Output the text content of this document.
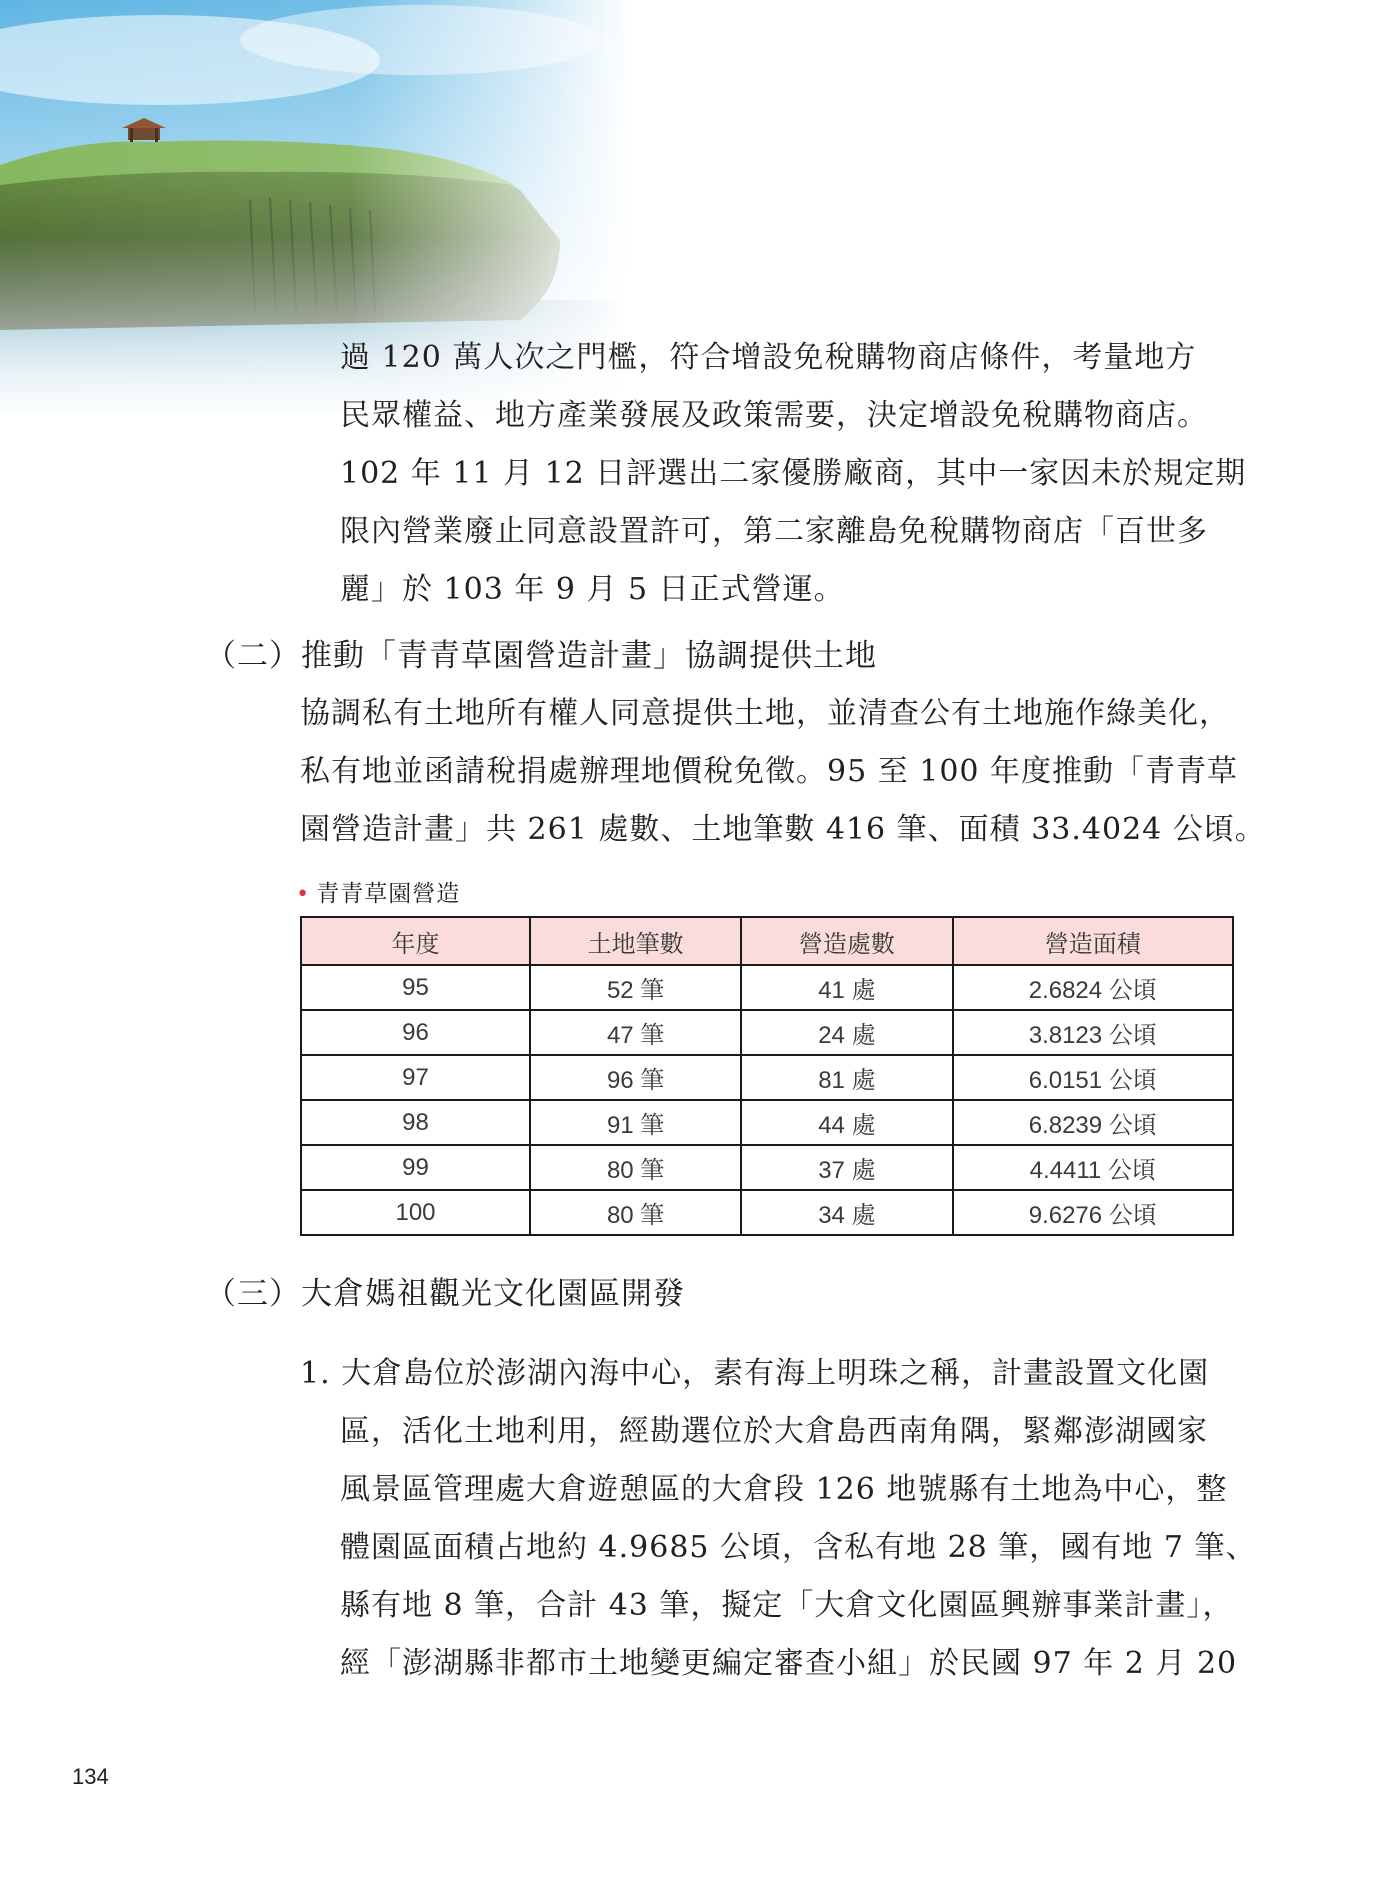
過 120 萬人次之門檻，符合增設免稅購物商店條件，考量地方
民眾權益、地方產業發展及政策需要，決定增設免稅購物商店。
102 年 11 月 12 日評選出二家優勝廠商，其中一家因未於規定期
限內營業廢止同意設置許可，第二家離島免稅購物商店「百世多
麗」於 103 年 9 月 5 日正式營運。
（二）推動「青青草園營造計畫」協調提供土地
協調私有土地所有權人同意提供土地，並清查公有土地施作綠美化，
私有地並函請稅捐處辦理地價稅免徵。95 至 100 年度推動「青青草
園營造計畫」共 261 處數、土地筆數 416 筆、面積 33.4024 公頃。
• 青青草園營造
年度	土地筆數	營造處數	營造面積
95	52 筆	41 處	2.6824 公頃
96	47 筆	24 處	3.8123 公頃
97	96 筆	81 處	6.0151 公頃
98	91 筆	44 處	6.8239 公頃
99	80 筆	37 處	4.4411 公頃
100	80 筆	34 處	9.6276 公頃
（三）大倉媽祖觀光文化園區開發
1. 大倉島位於澎湖內海中心，素有海上明珠之稱，計畫設置文化園
區，活化土地利用，經勘選位於大倉島西南角隅，緊鄰澎湖國家
風景區管理處大倉遊憩區的大倉段 126 地號縣有土地為中心，整
體園區面積占地約 4.9685 公頃，含私有地 28 筆，國有地 7 筆、
縣有地 8 筆，合計 43 筆，擬定「大倉文化園區興辦事業計畫」，
經「澎湖縣非都市土地變更編定審查小組」於民國 97 年 2 月 20
134
